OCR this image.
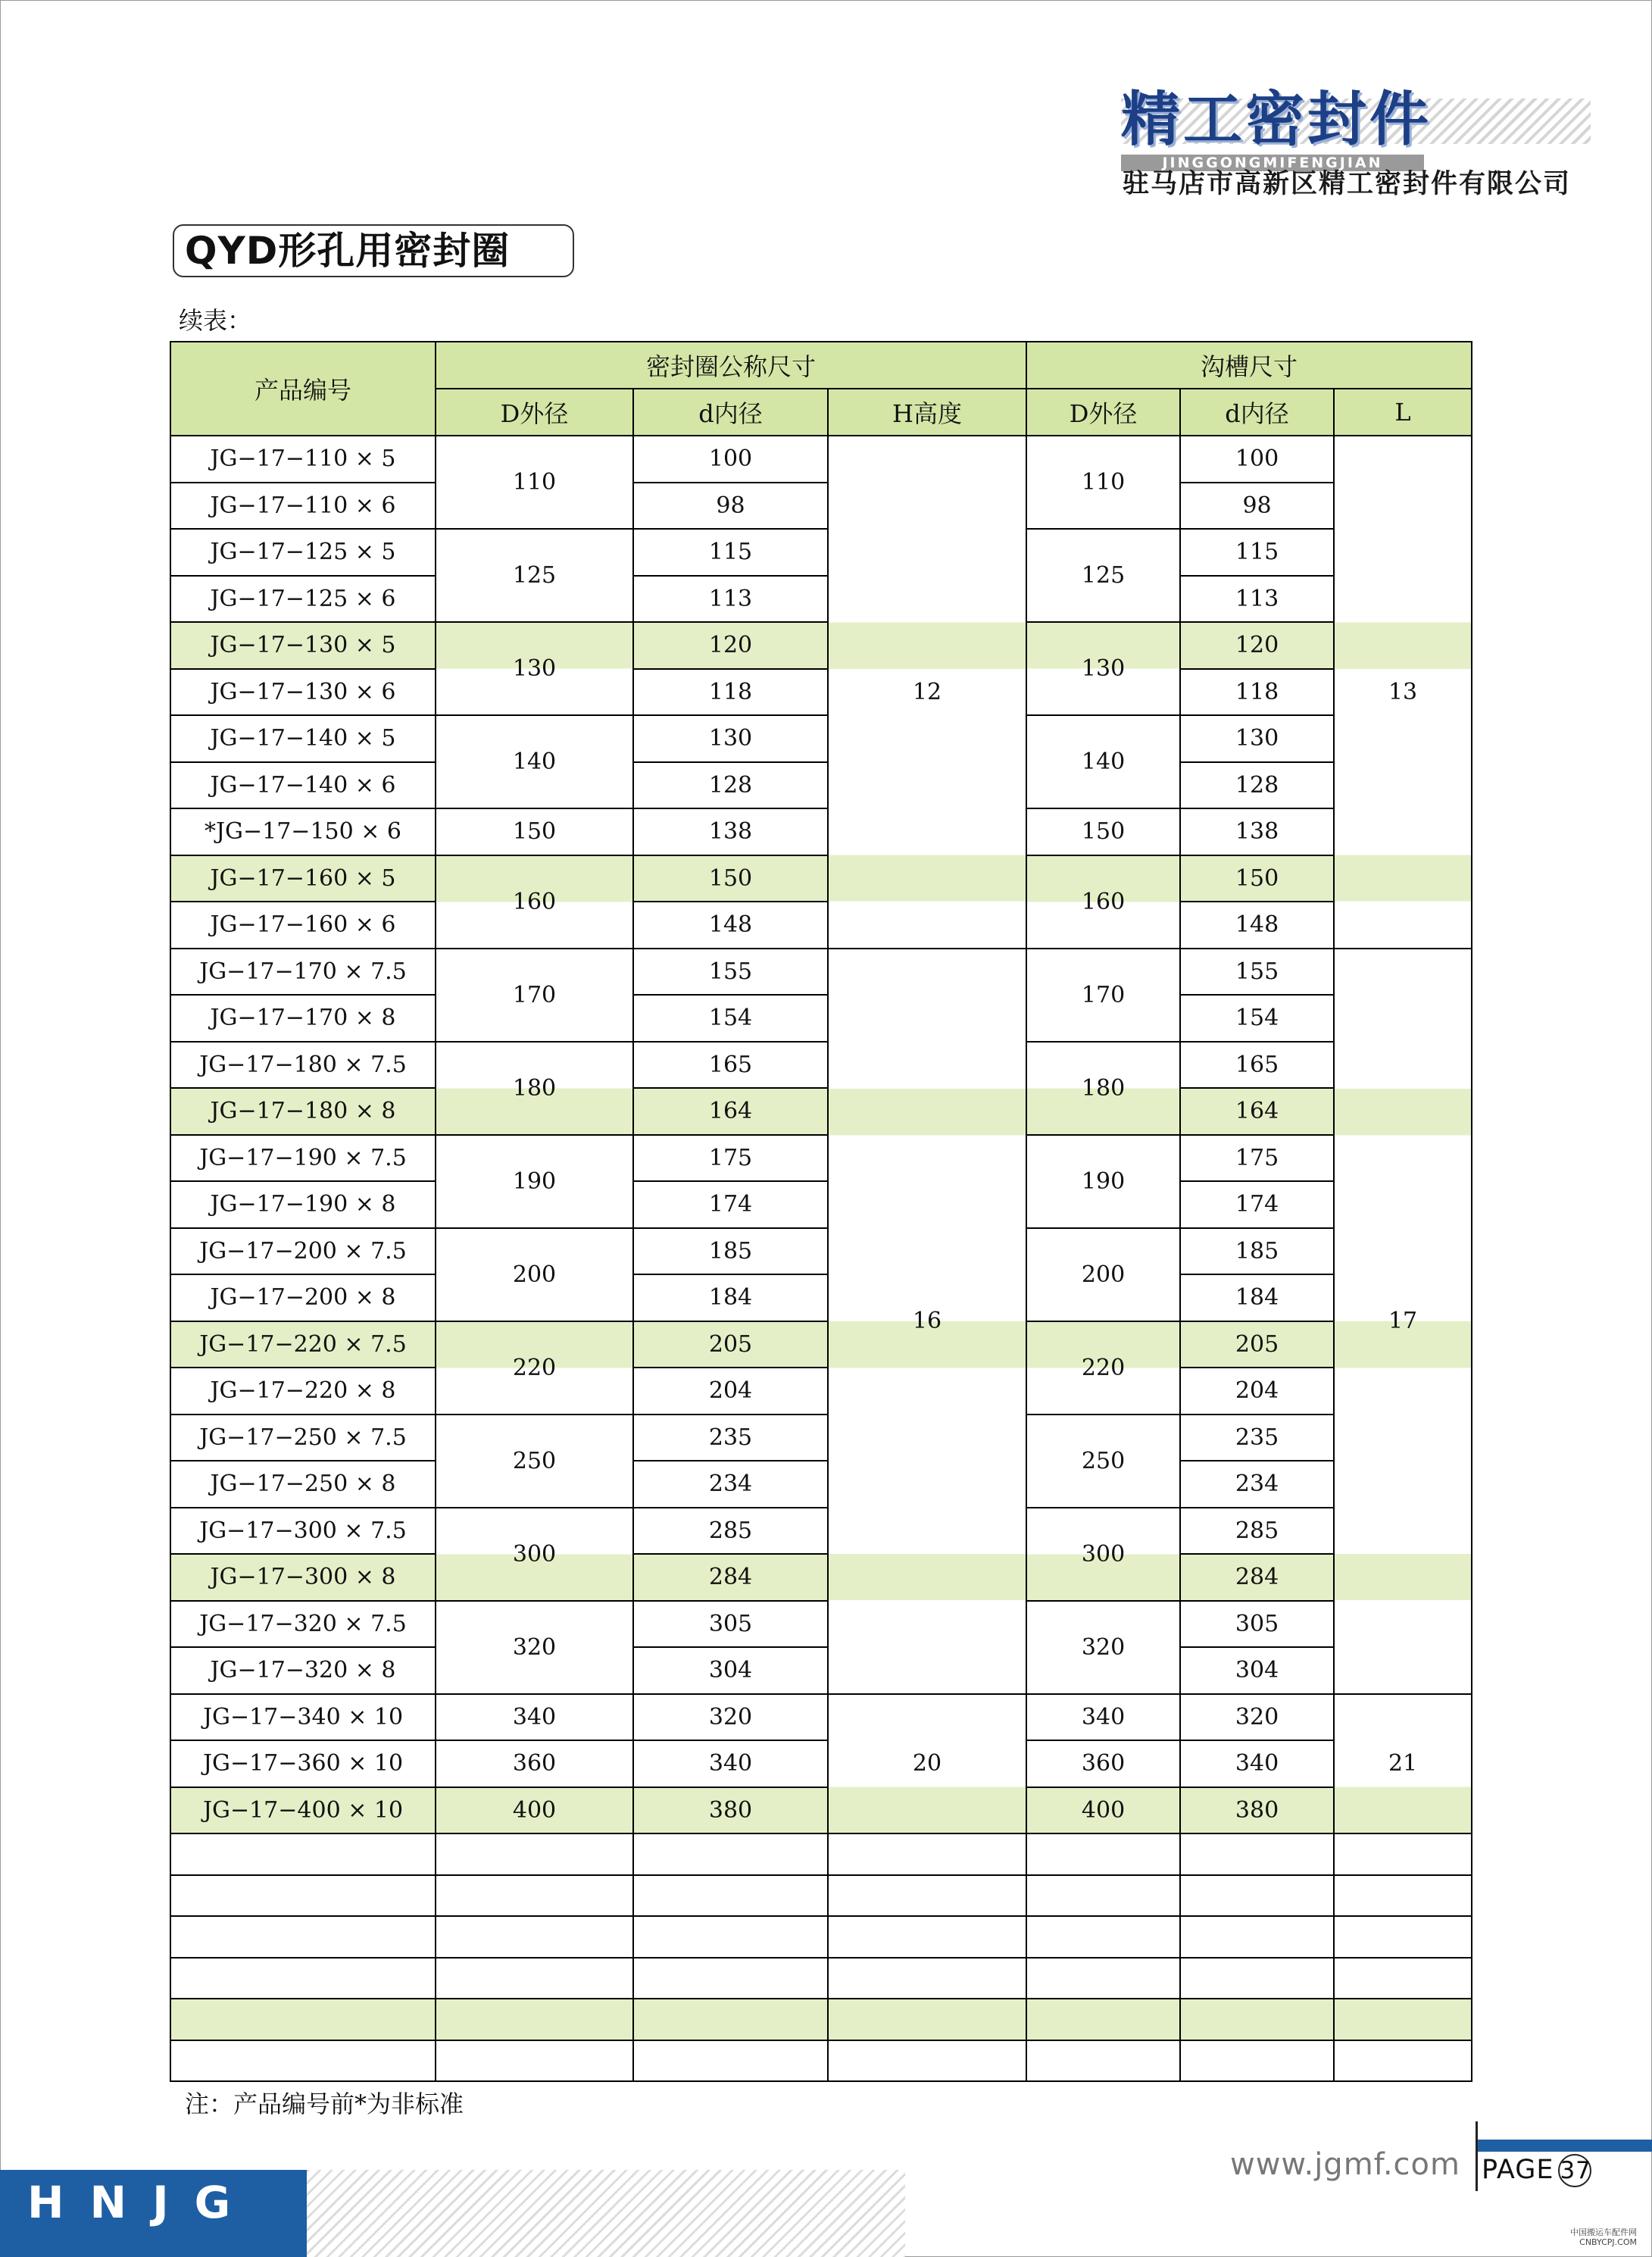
精工密封件
JINGGONGMIFENGJIAN
驻马店市高新区精工密封件有限公司
QYD形孔用密封圈
续表：
产品编号	密封圈公称尺寸			沟槽尺寸		
	D外径	d内径	H高度	D外径	d内径	L
JG−17−110 × 5	110	100	12	110	100	13
JG−17−110 × 6		98			98	
JG−17−125 × 5	125	115		125	115	
JG−17−125 × 6		113			113	
JG−17−130 × 5	130	120		130	120	
JG−17−130 × 6		118			118	
JG−17−140 × 5	140	130		140	130	
JG−17−140 × 6		128			128	
*JG−17−150 × 6	150	138		150	138	
JG−17−160 × 5	160	150		160	150	
JG−17−160 × 6		148			148	
JG−17−170 × 7.5	170	155	16	170	155	17
JG−17−170 × 8		154			154	
JG−17−180 × 7.5	180	165		180	165	
JG−17−180 × 8		164			164	
JG−17−190 × 7.5	190	175		190	175	
JG−17−190 × 8		174			174	
JG−17−200 × 7.5	200	185		200	185	
JG−17−200 × 8		184			184	
JG−17−220 × 7.5	220	205		220	205	
JG−17−220 × 8		204			204	
JG−17−250 × 7.5	250	235		250	235	
JG−17−250 × 8		234			234	
JG−17−300 × 7.5	300	285		300	285	
JG−17−300 × 8		284			284	
JG−17−320 × 7.5	320	305		320	305	
JG−17−320 × 8		304			304	
JG−17−340 × 10	340	320	20	340	320	21
JG−17−360 × 10	360	340		360	340	
JG−17−400 × 10	400	380		400	380	

注：产品编号前*为非标准
HNJG
www.jgmf.com PAGE 37
中国搬运车配件网
CNBYCPJ.COM
